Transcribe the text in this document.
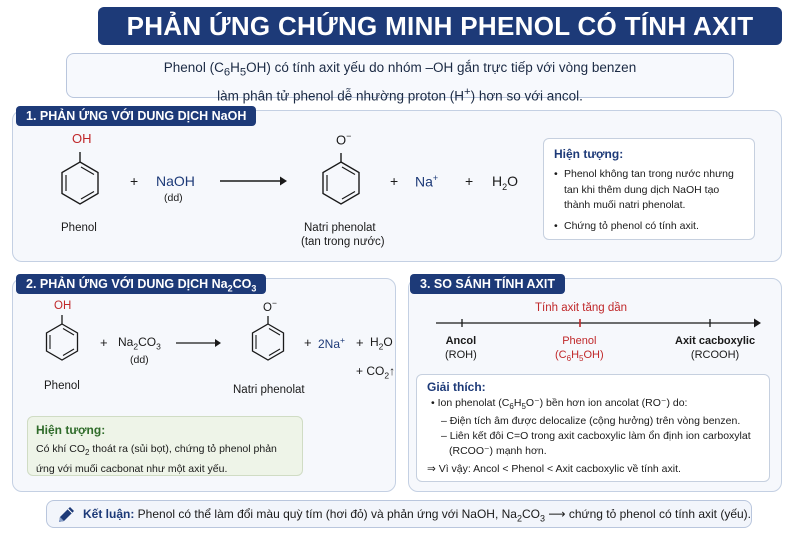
PHẢN ỨNG CHỨNG MINH PHENOL CÓ TÍNH AXIT
Phenol $(C_6H_5OH)$ có tính axit yếu do nhóm –OH gắn trực tiếp với vòng benzen
làm phân tử phenol dễ nhường proton (H+) hơn so với ancol.
1. PHẢN ỨNG VỚI DUNG DỊCH NaOH
OH
Phenol
+ NaOH
(dd)
O−
Natri phenolat
(tan trong nước)
+ $Na^+ + H_2O$
Hiện tượng:
• Phenol không tan trong nước nhưng tan khi thêm dung dịch NaOH tạo thành muối natri phenolat.
• Chứng tỏ phenol có tính axit.
2. PHẢN ỨNG VỚI DUNG DỊCH $Na_2CO_3$
OH
Phenol
+ $Na_2CO_3$
(dd)
O−
Natri phenolat
+ $2Na^+ + H_2O$
+ $CO_2↑$
Hiện tượng:
Có khí $CO_2$ thoát ra (sủi bọt), chứng tỏ phenol phản ứng với muối cacbonat như một axit yếu.
3. SO SÁNH TÍNH AXIT
Tính axit tăng dần
Ancol
(ROH)
Phenol
$(C_6H_5OH)$
Axit cacboxylic
(RCOOH)
Giải thích:
• Ion phenolat $(C_6H_5O^-)$ bền hơn ion ancolat (RO⁻) do:
– Điện tích âm được delocalize (cộng hưởng) trên vòng benzen.
– Liên kết đôi C=O trong axit cacboxylic làm ổn định ion carboxylat
(RCOO⁻) mạnh hơn.
⇒ Vì vậy: Ancol < Phenol < Axit cacboxylic về tính axit.
Kết luận: Phenol có thể làm đổi màu quỳ tím (hơi đỏ) và phản ứng với NaOH, $Na_2CO_3$ ⟶ chứng tỏ phenol có tính axit (yếu).
